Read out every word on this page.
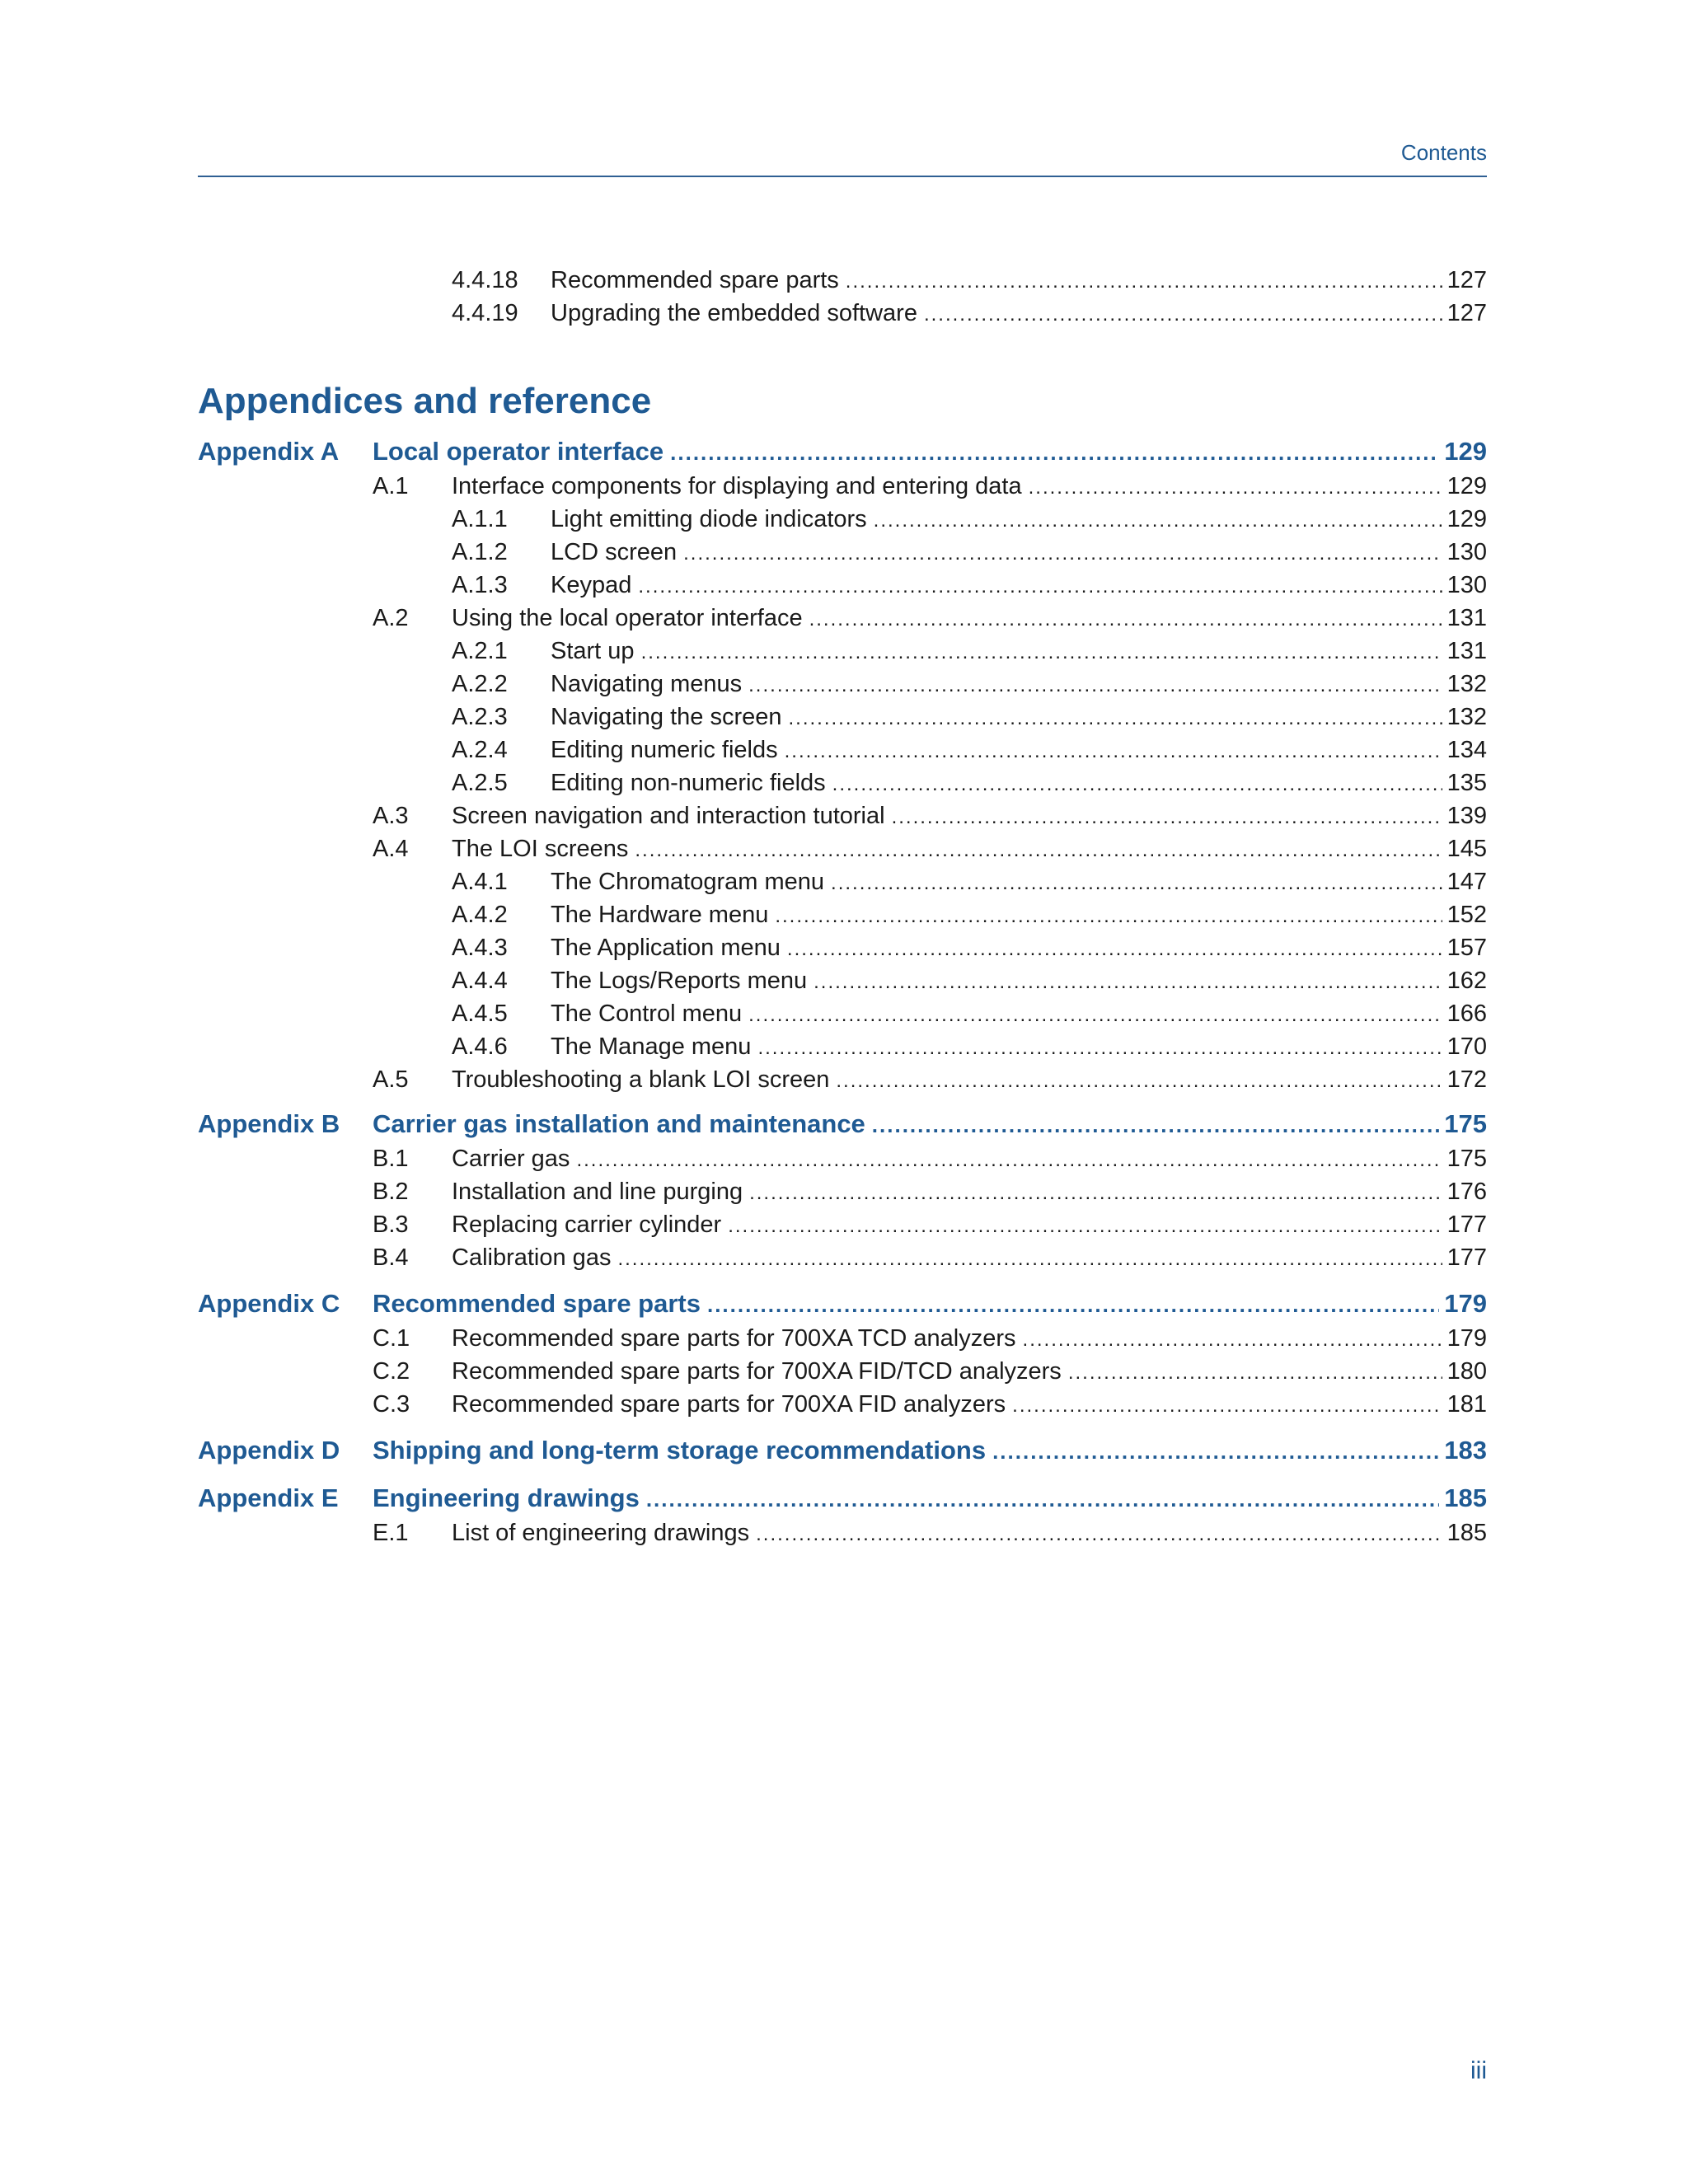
Contents
4.4.18 Recommended spare parts .....	127
4.4.19 Upgrading the embedded software .....	127
Appendices and reference
Appendix A Local operator interface .....	129
A.1 Interface components for displaying and entering data .....	129
A.1.1 Light emitting diode indicators .....	129
A.1.2 LCD screen .....	130
A.1.3 Keypad .....	130
A.2 Using the local operator interface .....	131
A.2.1 Start up .....	131
A.2.2 Navigating menus .....	132
A.2.3 Navigating the screen .....	132
A.2.4 Editing numeric fields .....	134
A.2.5 Editing non-numeric fields .....	135
A.3 Screen navigation and interaction tutorial .....	139
A.4 The LOI screens .....	145
A.4.1 The Chromatogram menu .....	147
A.4.2 The Hardware menu .....	152
A.4.3 The Application menu .....	157
A.4.4 The Logs/Reports menu .....	162
A.4.5 The Control menu .....	166
A.4.6 The Manage menu .....	170
A.5 Troubleshooting a blank LOI screen .....	172
Appendix B Carrier gas installation and maintenance .....	175
B.1 Carrier gas .....	175
B.2 Installation and line purging .....	176
B.3 Replacing carrier cylinder .....	177
B.4 Calibration gas .....	177
Appendix C Recommended spare parts .....	179
C.1 Recommended spare parts for 700XA TCD analyzers .....	179
C.2 Recommended spare parts for 700XA FID/TCD analyzers .....	180
C.3 Recommended spare parts for 700XA FID analyzers .....	181
Appendix D Shipping and long-term storage recommendations .....	183
Appendix E Engineering drawings .....	185
E.1 List of engineering drawings .....	185
iii
